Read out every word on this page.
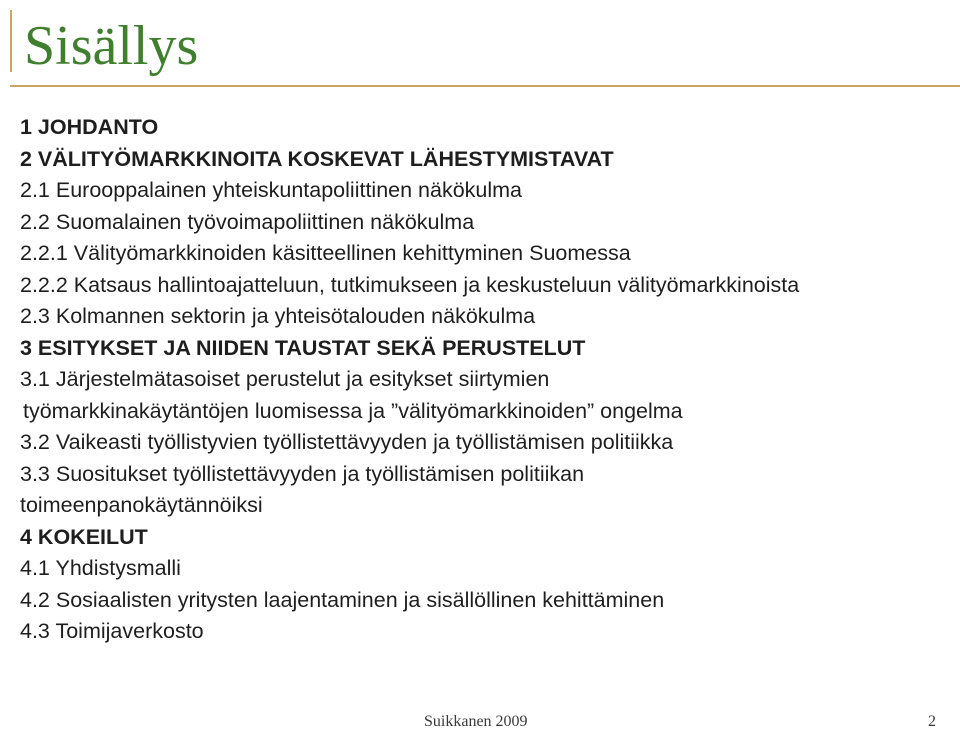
Sisällys
1 JOHDANTO
2 VÄLITYÖMARKKINOITA KOSKEVAT LÄHESTYMISTAVAT
2.1 Eurooppalainen yhteiskuntapoliittinen näkökulma
2.2 Suomalainen työvoimapoliittinen näkökulma
2.2.1 Välityömarkkinoiden käsitteellinen kehittyminen Suomessa
2.2.2 Katsaus hallintoajatteluun, tutkimukseen ja keskusteluun välityömarkkinoista
2.3 Kolmannen sektorin ja yhteisötalouden näkökulma
3 ESITYKSET JA NIIDEN TAUSTAT SEKÄ PERUSTELUT
3.1 Järjestelmätasoiset perustelut ja esitykset siirtymien
työmarkkinakäytäntöjen luomisessa ja ”välityömarkkinoiden” ongelma
3.2 Vaikeasti työllistyvien työllistettävyyden ja työllistämisen politiikka
3.3 Suositukset työllistettävyyden ja työllistämisen politiikan
toimeenpanokäytännöiksi
4 KOKEILUT
4.1 Yhdistysmalli
4.2 Sosiaalisten yritysten laajentaminen ja sisällöllinen kehittäminen
4.3 Toimijaverkosto
Suikkanen 2009	2
